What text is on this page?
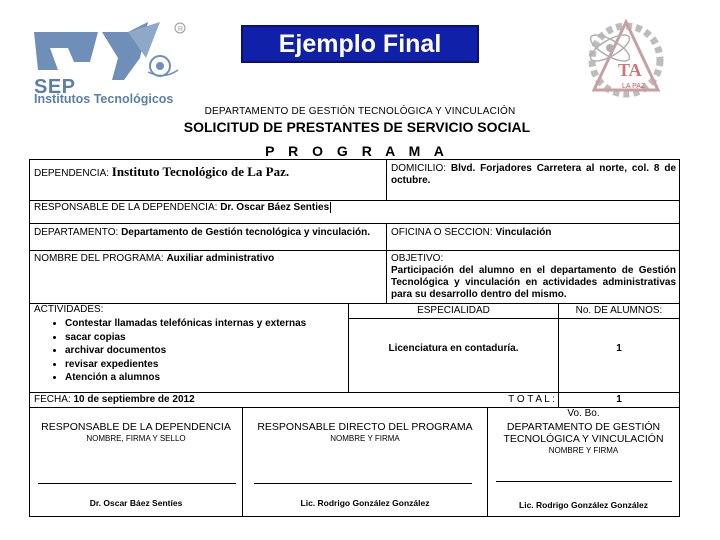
R
SEP
Institutos Tecnológicos
Ejemplo Final
TA
LA PAZ
DEPARTAMENTO DE GESTIÓN TECNOLÓGICA Y VINCULACIÓN
SOLICITUD DE PRESTANTES DE SERVICIO SOCIAL
P R O G R A M A
DEPENDENCIA: Instituto Tecnológico de La Paz.	DOMICILIO: Blvd. Forjadores Carretera al norte, col. 8 de octubre.
RESPONSABLE DE LA DEPENDENCIA: Dr. Oscar Báez Senties
DEPARTAMENTO: Departamento de Gestión tecnológica y vinculación.	OFICINA O SECCION: Vinculación
NOMBRE DEL PROGRAMA: Auxiliar administrativo	OBJETIVO:
Participación del alumno en el departamento de Gestión Tecnológica y vinculación en actividades administrativas para su desarrollo dentro del mismo.
ACTIVIDADES:
• Contestar llamadas telefónicas internas y externas
• sacar copias
• archivar documentos
• revisar expedientes
• Atención a alumnos
ESPECIALIDAD	No. DE ALUMNOS:
Licenciatura en contaduría.	1
FECHA: 10 de septiembre de 2012	T O T A L :	1
RESPONSABLE DE LA DEPENDENCIA
NOMBRE, FIRMA Y SELLO
Dr. Oscar Báez Sentíes
RESPONSABLE DIRECTO DEL PROGRAMA
NOMBRE Y FIRMA
Lic. Rodrigo González González
Vo. Bo.
DEPARTAMENTO DE GESTIÓN TECNOLÓGICA Y VINCULACIÓN
NOMBRE Y FIRMA
Lic. Rodrigo González González
